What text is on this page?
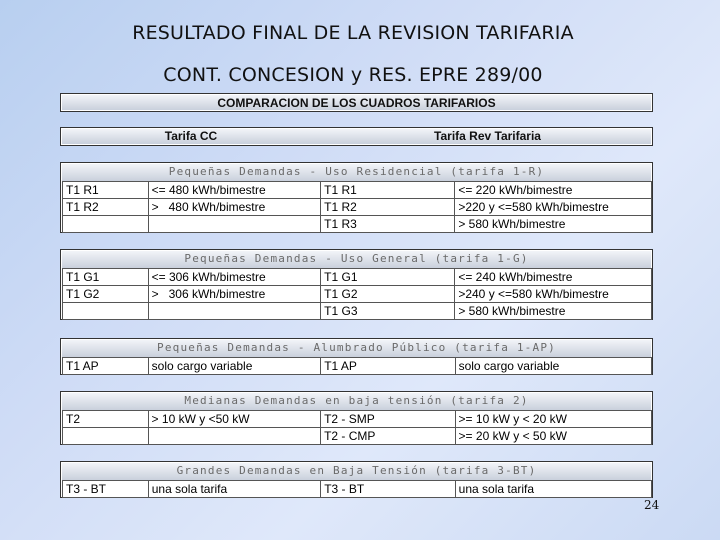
RESULTADO FINAL DE LA REVISION TARIFARIA
CONT. CONCESION y RES. EPRE 289/00
COMPARACION DE LOS CUADROS TARIFARIOS
Tarifa CC	Tarifa Rev Tarifaria
Pequeñas Demandas - Uso Residencial (tarifa 1-R)
T1 R1	<= 480 kWh/bimestre	T1 R1	<= 220 kWh/bimestre
T1 R2	>   480 kWh/bimestre	T1 R2	>220 y <=580 kWh/bimestre
		T1 R3	> 580 kWh/bimestre
Pequeñas Demandas - Uso General (tarifa 1-G)
T1 G1	<= 306 kWh/bimestre	T1 G1	<= 240 kWh/bimestre
T1 G2	>   306 kWh/bimestre	T1 G2	>240 y <=580 kWh/bimestre
		T1 G3	> 580 kWh/bimestre
Pequeñas Demandas - Alumbrado Público (tarifa 1-AP)
T1 AP	solo cargo variable	T1 AP	solo cargo variable
Medianas Demandas en baja tensión (tarifa 2)
T2	> 10 kW y <50 kW	T2 - SMP	>= 10 kW y < 20 kW
		T2 - CMP	>= 20 kW y < 50 kW
Grandes Demandas en Baja Tensión (tarifa 3-BT)
T3 - BT	una sola tarifa	T3 - BT	una sola tarifa
24
